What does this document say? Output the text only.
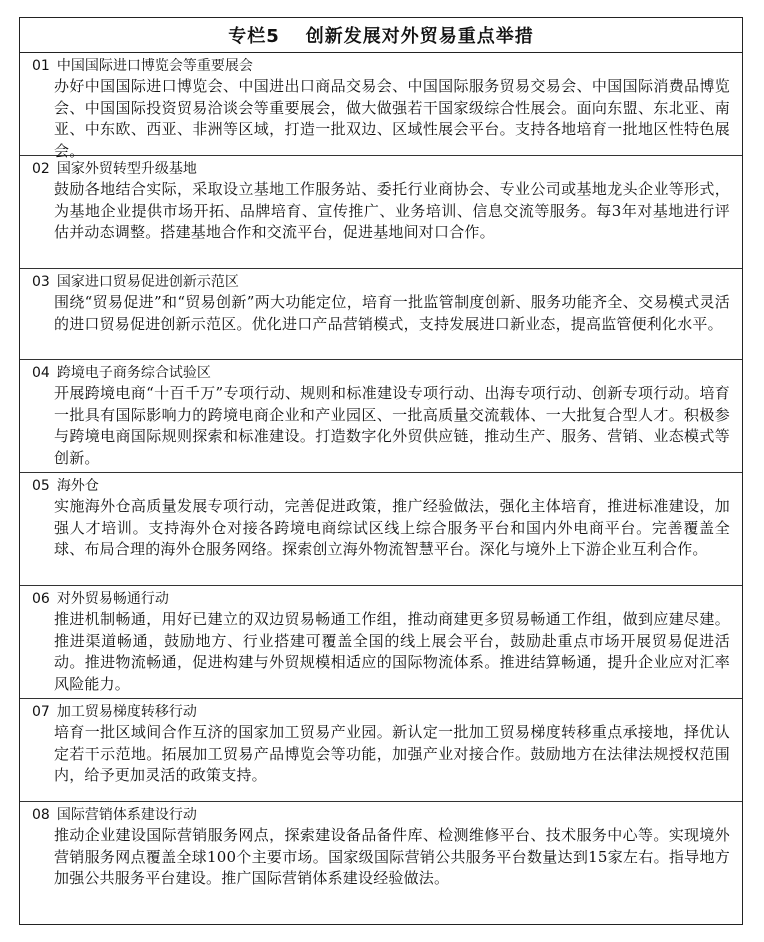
专栏5 创新发展对外贸易重点举措
01 中国国际进口博览会等重要展会
办好中国国际进口博览会、中国进出口商品交易会、中国国际服务贸易交易会、中国国际消费品博览会、中国国际投资贸易洽谈会等重要展会，做大做强若干国家级综合性展会。面向东盟、东北亚、南亚、中东欧、西亚、非洲等区域，打造一批双边、区域性展会平台。支持各地培育一批地区性特色展会。
02 国家外贸转型升级基地
鼓励各地结合实际，采取设立基地工作服务站、委托行业商协会、专业公司或基地龙头企业等形式，为基地企业提供市场开拓、品牌培育、宣传推广、业务培训、信息交流等服务。每3年对基地进行评估并动态调整。搭建基地合作和交流平台，促进基地间对口合作。
03 国家进口贸易促进创新示范区
围绕“贸易促进”和“贸易创新”两大功能定位，培育一批监管制度创新、服务功能齐全、交易模式灵活的进口贸易促进创新示范区。优化进口产品营销模式，支持发展进口新业态，提高监管便利化水平。
04 跨境电子商务综合试验区
开展跨境电商“十百千万”专项行动、规则和标准建设专项行动、出海专项行动、创新专项行动。培育一批具有国际影响力的跨境电商企业和产业园区、一批高质量交流载体、一大批复合型人才。积极参与跨境电商国际规则探索和标准建设。打造数字化外贸供应链，推动生产、服务、营销、业态模式等创新。
05 海外仓
实施海外仓高质量发展专项行动，完善促进政策，推广经验做法，强化主体培育，推进标准建设，加强人才培训。支持海外仓对接各跨境电商综试区线上综合服务平台和国内外电商平台。完善覆盖全球、布局合理的海外仓服务网络。探索创立海外物流智慧平台。深化与境外上下游企业互利合作。
06 对外贸易畅通行动
推进机制畅通，用好已建立的双边贸易畅通工作组，推动商建更多贸易畅通工作组，做到应建尽建。推进渠道畅通，鼓励地方、行业搭建可覆盖全国的线上展会平台，鼓励赴重点市场开展贸易促进活动。推进物流畅通，促进构建与外贸规模相适应的国际物流体系。推进结算畅通，提升企业应对汇率风险能力。
07 加工贸易梯度转移行动
培育一批区域间合作互济的国家加工贸易产业园。新认定一批加工贸易梯度转移重点承接地，择优认定若干示范地。拓展加工贸易产品博览会等功能，加强产业对接合作。鼓励地方在法律法规授权范围内，给予更加灵活的政策支持。
08 国际营销体系建设行动
推动企业建设国际营销服务网点，探索建设备品备件库、检测维修平台、技术服务中心等。实现境外营销服务网点覆盖全球100个主要市场。国家级国际营销公共服务平台数量达到15家左右。指导地方加强公共服务平台建设。推广国际营销体系建设经验做法。
